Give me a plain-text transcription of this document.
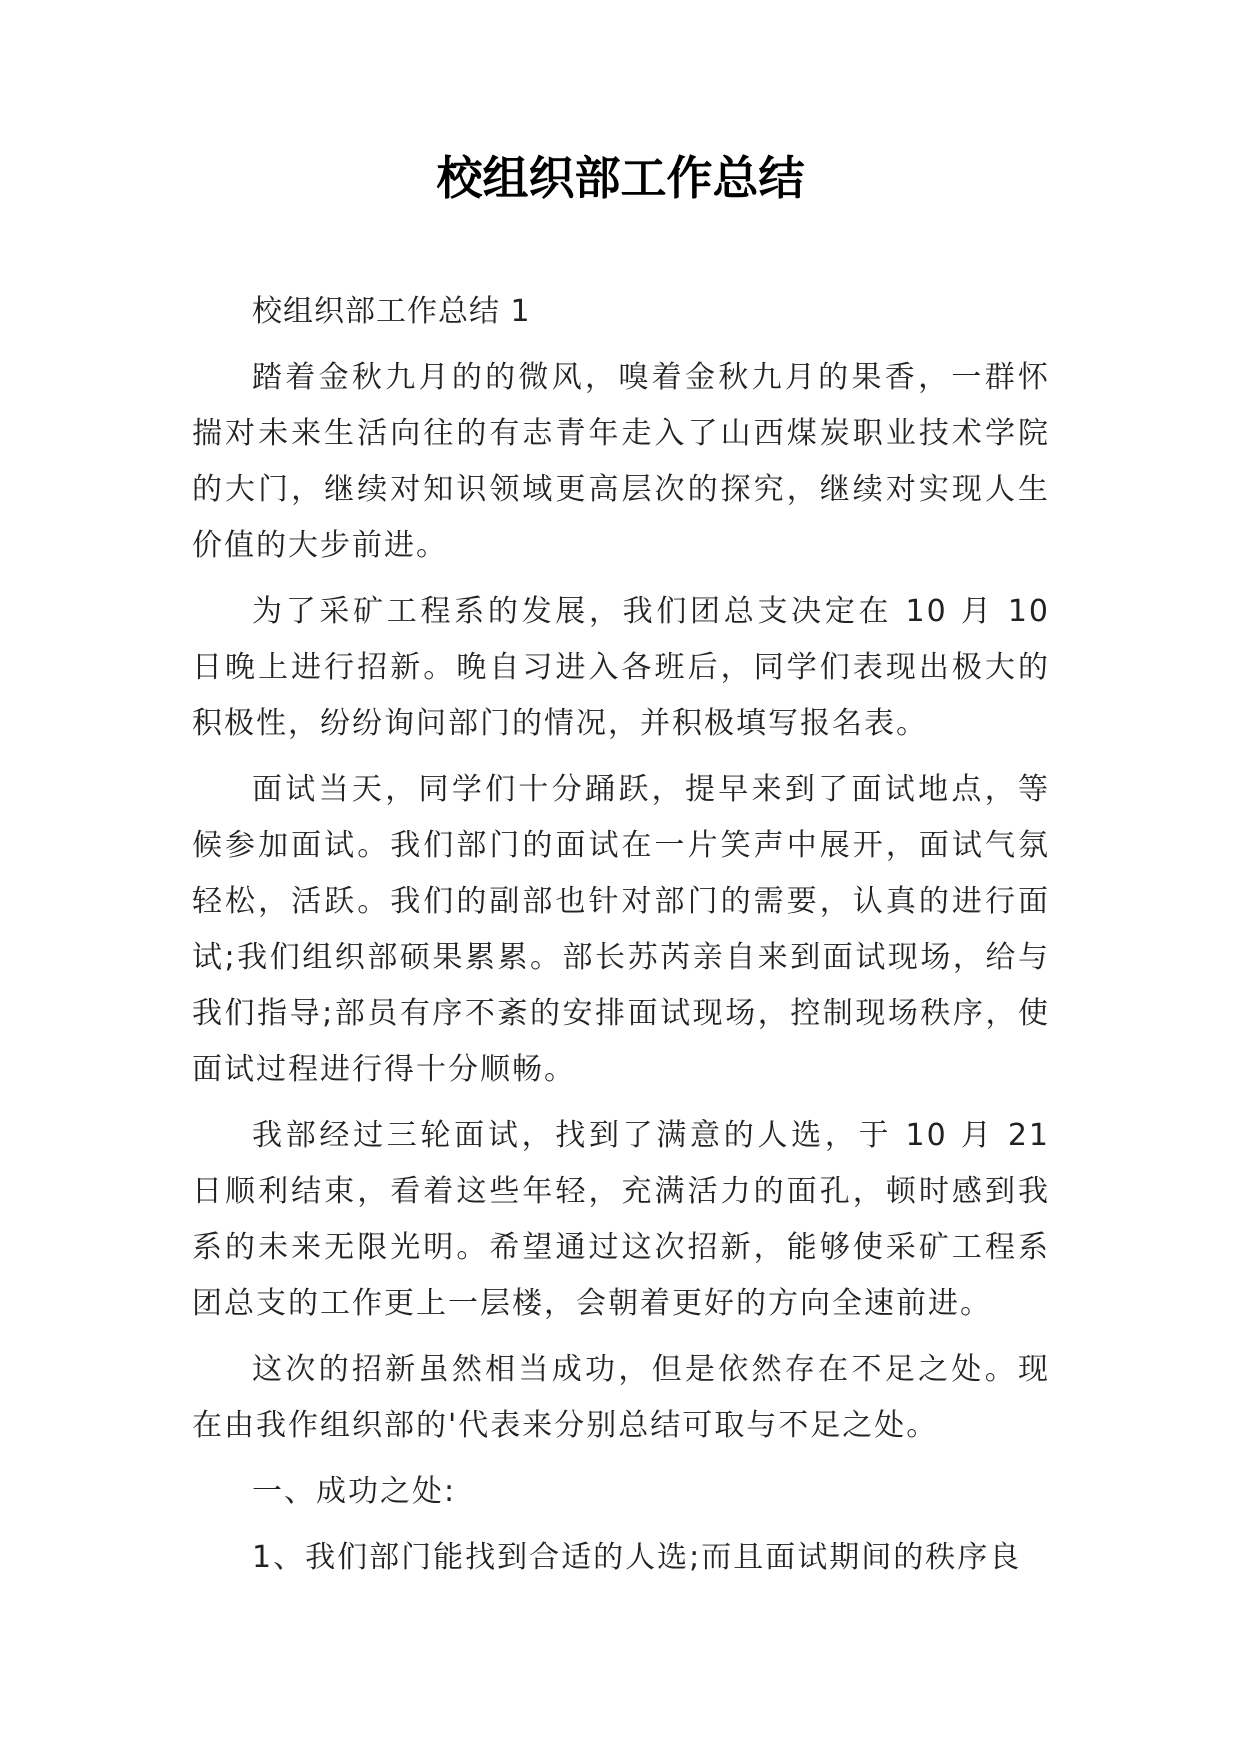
校组织部工作总结

校组织部工作总结 1

踏着金秋九月的的微风，嗅着金秋九月的果香，一群怀揣对未来生活向往的有志青年走入了山西煤炭职业技术学院的大门，继续对知识领域更高层次的探究，继续对实现人生价值的大步前进。

为了采矿工程系的发展，我们团总支决定在 10 月 10 日晚上进行招新。晚自习进入各班后，同学们表现出极大的积极性，纷纷询问部门的情况，并积极填写报名表。

面试当天，同学们十分踊跃，提早来到了面试地点，等候参加面试。我们部门的面试在一片笑声中展开，面试气氛轻松，活跃。我们的副部也针对部门的需要，认真的进行面试;我们组织部硕果累累。部长苏芮亲自来到面试现场，给与我们指导;部员有序不紊的安排面试现场，控制现场秩序，使面试过程进行得十分顺畅。

我部经过三轮面试，找到了满意的人选，于 10 月 21 日顺利结束，看着这些年轻，充满活力的面孔，顿时感到我系的未来无限光明。希望通过这次招新，能够使采矿工程系团总支的工作更上一层楼，会朝着更好的方向全速前进。

这次的招新虽然相当成功，但是依然存在不足之处。现在由我作组织部的'代表来分别总结可取与不足之处。

一、成功之处:

1、我们部门能找到合适的人选;而且面试期间的秩序良
